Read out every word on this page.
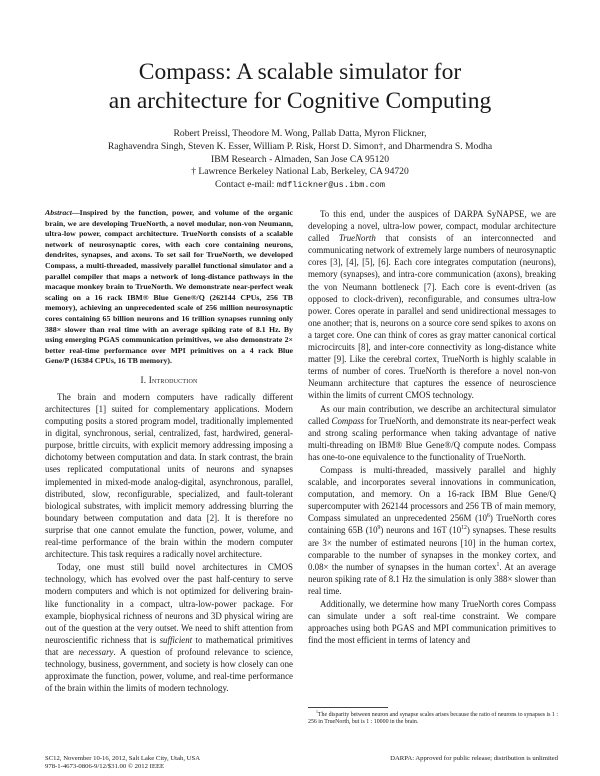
Compass: A scalable simulator for
an architecture for Cognitive Computing
Robert Preissl, Theodore M. Wong, Pallab Datta, Myron Flickner,
Raghavendra Singh, Steven K. Esser, William P. Risk, Horst D. Simon†, and Dharmendra S. Modha
IBM Research - Almaden, San Jose CA 95120
† Lawrence Berkeley National Lab, Berkeley, CA 94720
Contact e-mail: mdflickner@us.ibm.com

Abstract—Inspired by the function, power, and volume of the organic brain, we are developing TrueNorth, a novel modular, non-von Neumann, ultra-low power, compact architecture. TrueNorth consists of a scalable network of neurosynaptic cores, with each core containing neurons, dendrites, synapses, and axons. To set sail for TrueNorth, we developed Compass, a multi-threaded, massively parallel functional simulator and a parallel compiler that maps a network of long-distance pathways in the macaque monkey brain to TrueNorth. We demonstrate near-perfect weak scaling on a 16 rack IBM® Blue Gene®/Q (262144 CPUs, 256 TB memory), achieving an unprecedented scale of 256 million neurosynaptic cores containing 65 billion neurons and 16 trillion synapses running only 388× slower than real time with an average spiking rate of 8.1 Hz. By using emerging PGAS communication primitives, we also demonstrate 2× better real-time performance over MPI primitives on a 4 rack Blue Gene/P (16384 CPUs, 16 TB memory).

I. Introduction

The brain and modern computers have radically different architectures [1] suited for complementary applications. Modern computing posits a stored program model, traditionally implemented in digital, synchronous, serial, centralized, fast, hardwired, general-purpose, brittle circuits, with explicit memory addressing imposing a dichotomy between computation and data. In stark contrast, the brain uses replicated computational units of neurons and synapses implemented in mixed-mode analog-digital, asynchronous, parallel, distributed, slow, reconfigurable, specialized, and fault-tolerant biological substrates, with implicit memory addressing blurring the boundary between computation and data [2]. It is therefore no surprise that one cannot emulate the function, power, volume, and real-time performance of the brain within the modern computer architecture. This task requires a radically novel architecture.

Today, one must still build novel architectures in CMOS technology, which has evolved over the past half-century to serve modern computers and which is not optimized for delivering brain-like functionality in a compact, ultra-low-power package. For example, biophysical richness of neurons and 3D physical wiring are out of the question at the very outset. We need to shift attention from neuroscientific richness that is sufficient to mathematical primitives that are necessary. A question of profound relevance to science, technology, business, government, and society is how closely can one approximate the function, power, volume, and real-time performance of the brain within the limits of modern technology.

To this end, under the auspices of DARPA SyNAPSE, we are developing a novel, ultra-low power, compact, modular architecture called TrueNorth that consists of an interconnected and communicating network of extremely large numbers of neurosynaptic cores [3], [4], [5], [6]. Each core integrates computation (neurons), memory (synapses), and intra-core communication (axons), breaking the von Neumann bottleneck [7]. Each core is event-driven (as opposed to clock-driven), reconfigurable, and consumes ultra-low power. Cores operate in parallel and send unidirectional messages to one another; that is, neurons on a source core send spikes to axons on a target core. One can think of cores as gray matter canonical cortical microcircuits [8], and inter-core connectivity as long-distance white matter [9]. Like the cerebral cortex, TrueNorth is highly scalable in terms of number of cores. TrueNorth is therefore a novel non-von Neumann architecture that captures the essence of neuroscience within the limits of current CMOS technology.

As our main contribution, we describe an architectural simulator called Compass for TrueNorth, and demonstrate its near-perfect weak and strong scaling performance when taking advantage of native multi-threading on IBM® Blue Gene®/Q compute nodes. Compass has one-to-one equivalence to the functionality of TrueNorth.

Compass is multi-threaded, massively parallel and highly scalable, and incorporates several innovations in communication, computation, and memory. On a 16-rack IBM Blue Gene/Q supercomputer with 262144 processors and 256 TB of main memory, Compass simulated an unprecedented 256M $(10^6)$ TrueNorth cores containing 65B $(10^9)$ neurons and 16T $(10^{12})$ synapses. These results are 3× the number of estimated neurons [10] in the human cortex, comparable to the number of synapses in the monkey cortex, and 0.08× the number of synapses in the human cortex$^1$. At an average neuron spiking rate of 8.1 Hz the simulation is only 388× slower than real time.

Additionally, we determine how many TrueNorth cores Compass can simulate under a soft real-time constraint. We compare approaches using both PGAS and MPI communication primitives to find the most efficient in terms of latency and

$^1$The disparity between neuron and synapse scales arises because the ratio of neurons to synapses is 1 : 256 in TrueNorth, but is 1 : 10000 in the brain.

SC12, November 10-16, 2012, Salt Lake City, Utah, USA
978-1-4673-0806-9/12/$31.00 © 2012 IEEE
DARPA: Approved for public release; distribution is unlimited
